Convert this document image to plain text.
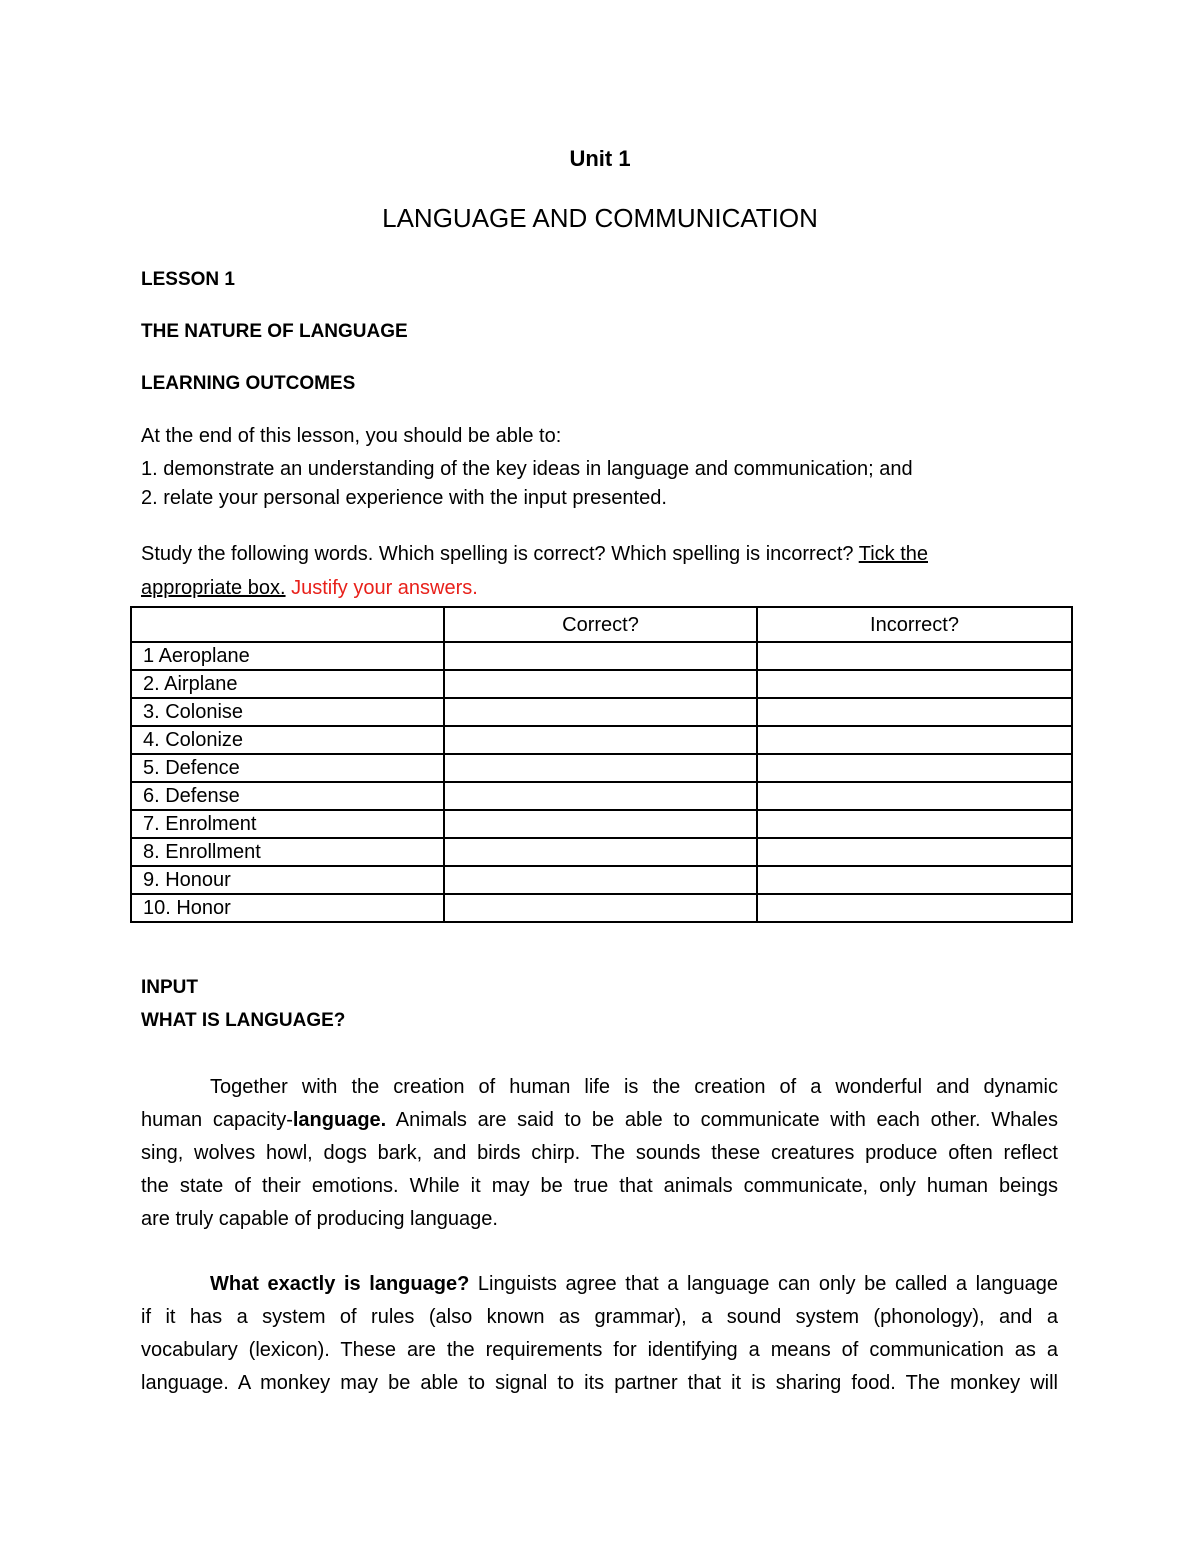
Unit 1
LANGUAGE AND COMMUNICATION
LESSON 1
THE NATURE OF LANGUAGE
LEARNING OUTCOMES
At the end of this lesson, you should be able to:
1. demonstrate an understanding of the key ideas in language and communication; and
2. relate your personal experience with the input presented.
Study the following words. Which spelling is correct? Which spelling is incorrect? Tick the
appropriate box. Justify your answers.
	Correct?	Incorrect?
1 Aeroplane		
2. Airplane		
3. Colonise		
4. Colonize		
5. Defence		
6. Defense		
7. Enrolment		
8. Enrollment		
9. Honour		
10. Honor		
INPUT
WHAT IS LANGUAGE?
Together with the creation of human life is the creation of a wonderful and dynamic
human capacity-language. Animals are said to be able to communicate with each other. Whales
sing, wolves howl, dogs bark, and birds chirp. The sounds these creatures produce often reflect
the state of their emotions. While it may be true that animals communicate, only human beings
are truly capable of producing language.
What exactly is language? Linguists agree that a language can only be called a language
if it has a system of rules (also known as grammar), a sound system (phonology), and a
vocabulary (lexicon). These are the requirements for identifying a means of communication as a
language. A monkey may be able to signal to its partner that it is sharing food. The monkey will
